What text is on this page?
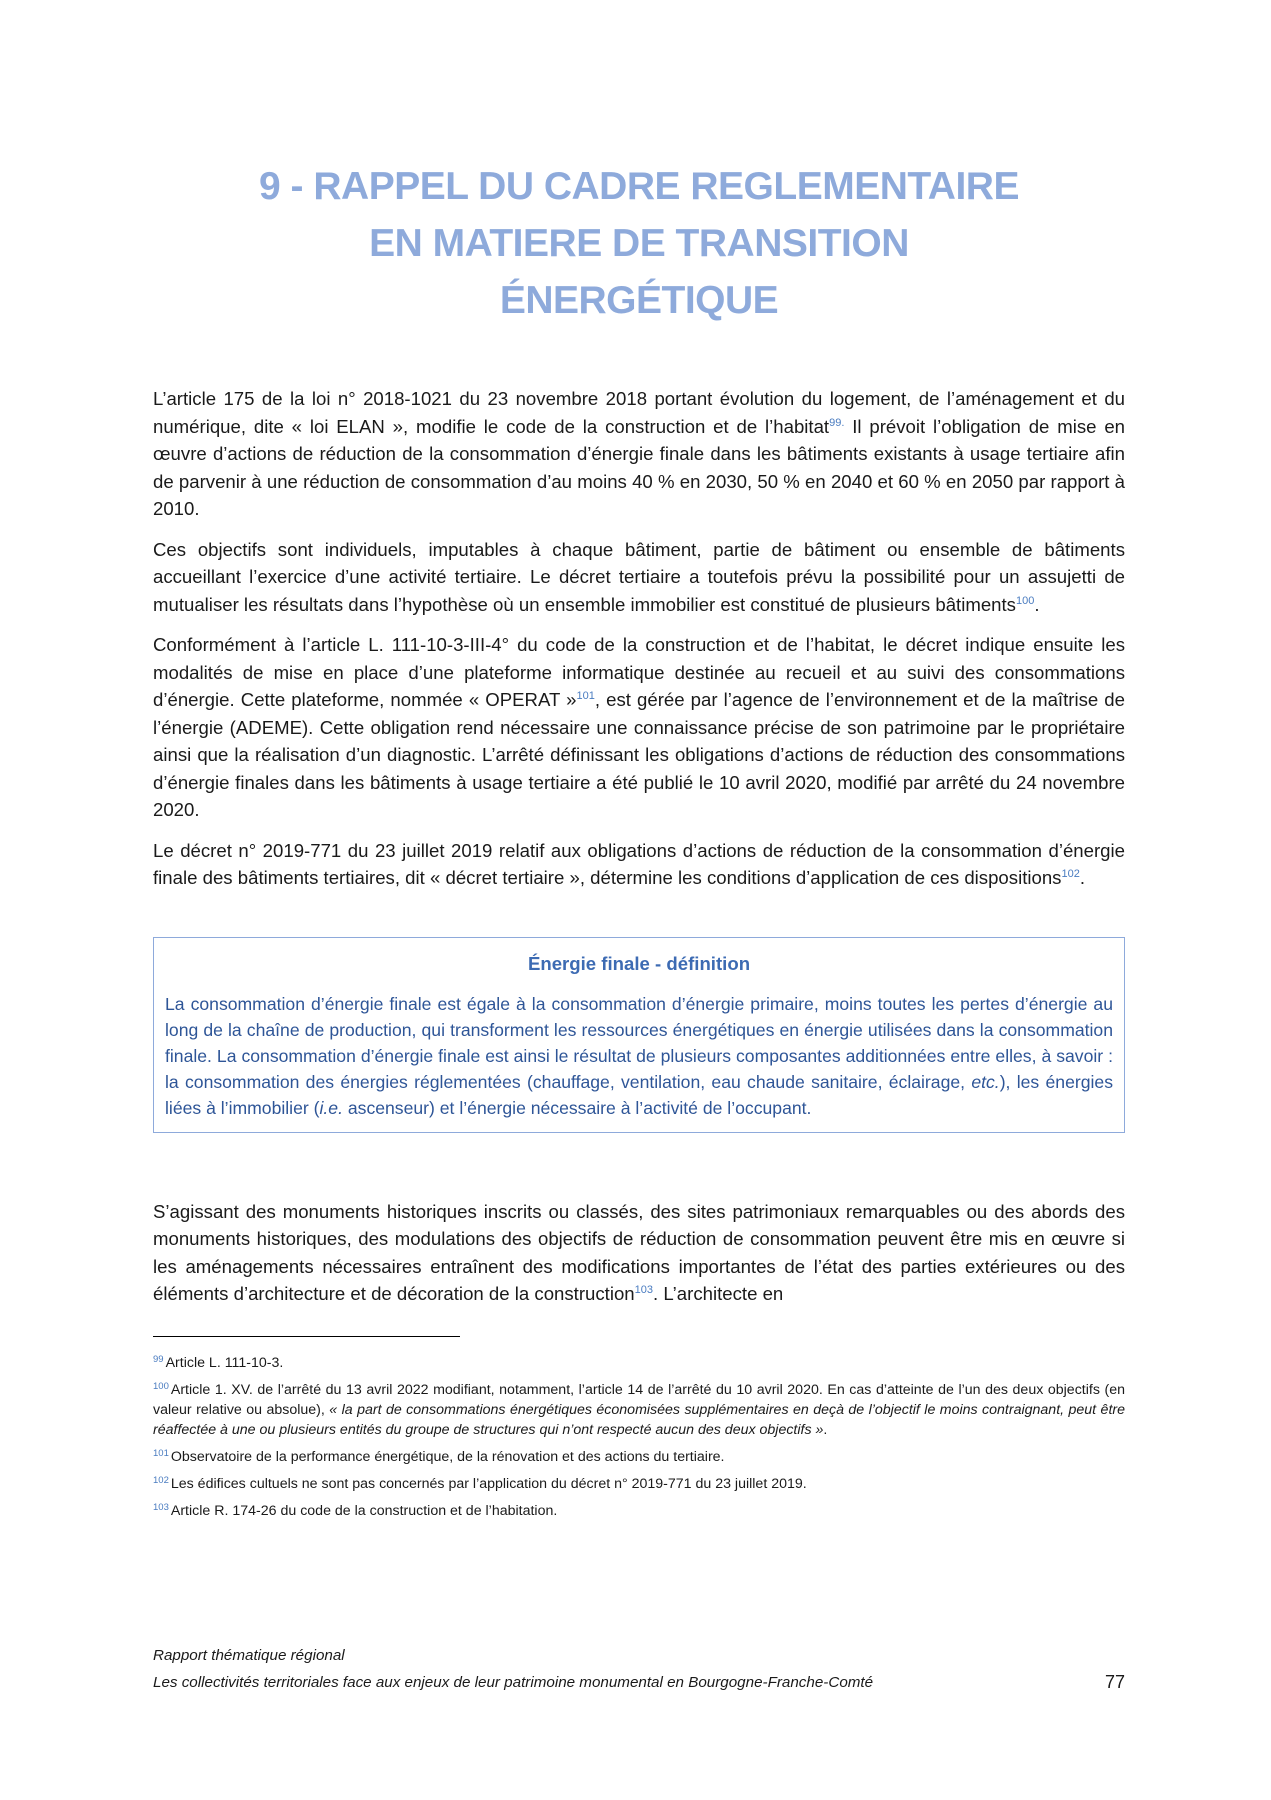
9 - RAPPEL DU CADRE REGLEMENTAIRE
EN MATIERE DE TRANSITION
ÉNERGÉTIQUE

L’article 175 de la loi n° 2018-1021 du 23 novembre 2018 portant évolution du logement, de l’aménagement et du numérique, dite « loi ELAN », modifie le code de la construction et de l’habitat$^{99.}$ Il prévoit l’obligation de mise en œuvre d’actions de réduction de la consommation d’énergie finale dans les bâtiments existants à usage tertiaire afin de parvenir à une réduction de consommation d’au moins 40 % en 2030, 50 % en 2040 et 60 % en 2050 par rapport à 2010.

Ces objectifs sont individuels, imputables à chaque bâtiment, partie de bâtiment ou ensemble de bâtiments accueillant l’exercice d’une activité tertiaire. Le décret tertiaire a toutefois prévu la possibilité pour un assujetti de mutualiser les résultats dans l’hypothèse où un ensemble immobilier est constitué de plusieurs bâtiments$^{100}$.

Conformément à l’article L. 111-10-3-III-4° du code de la construction et de l’habitat, le décret indique ensuite les modalités de mise en place d’une plateforme informatique destinée au recueil et au suivi des consommations d’énergie. Cette plateforme, nommée « OPERAT »$^{101}$, est gérée par l’agence de l’environnement et de la maîtrise de l’énergie (ADEME). Cette obligation rend nécessaire une connaissance précise de son patrimoine par le propriétaire ainsi que la réalisation d’un diagnostic. L’arrêté définissant les obligations d’actions de réduction des consommations d’énergie finales dans les bâtiments à usage tertiaire a été publié le 10 avril 2020, modifié par arrêté du 24 novembre 2020.

Le décret n° 2019-771 du 23 juillet 2019 relatif aux obligations d’actions de réduction de la consommation d’énergie finale des bâtiments tertiaires, dit « décret tertiaire », détermine les conditions d’application de ces dispositions$^{102}$.

Énergie finale - définition
La consommation d’énergie finale est égale à la consommation d’énergie primaire, moins toutes les pertes d’énergie au long de la chaîne de production, qui transforment les ressources énergétiques en énergie utilisées dans la consommation finale. La consommation d’énergie finale est ainsi le résultat de plusieurs composantes additionnées entre elles, à savoir : la consommation des énergies réglementées (chauffage, ventilation, eau chaude sanitaire, éclairage, etc.), les énergies liées à l’immobilier (i.e. ascenseur) et l’énergie nécessaire à l’activité de l’occupant.

S’agissant des monuments historiques inscrits ou classés, des sites patrimoniaux remarquables ou des abords des monuments historiques, des modulations des objectifs de réduction de consommation peuvent être mis en œuvre si les aménagements nécessaires entraînent des modifications importantes de l’état des parties extérieures ou des éléments d’architecture et de décoration de la construction$^{103}$. L’architecte en

$^{99}$ Article L. 111-10-3.
$^{100}$ Article 1. XV. de l’arrêté du 13 avril 2022 modifiant, notamment, l’article 14 de l’arrêté du 10 avril 2020. En cas d’atteinte de l’un des deux objectifs (en valeur relative ou absolue), « la part de consommations énergétiques économisées supplémentaires en deçà de l’objectif le moins contraignant, peut être réaffectée à une ou plusieurs entités du groupe de structures qui n’ont respecté aucun des deux objectifs ».
$^{101}$ Observatoire de la performance énergétique, de la rénovation et des actions du tertiaire.
$^{102}$ Les édifices cultuels ne sont pas concernés par l’application du décret n° 2019-771 du 23 juillet 2019.
$^{103}$ Article R. 174-26 du code de la construction et de l’habitation.
Rapport thématique régional
Les collectivités territoriales face aux enjeux de leur patrimoine monumental en Bourgogne-Franche-Comté	77
